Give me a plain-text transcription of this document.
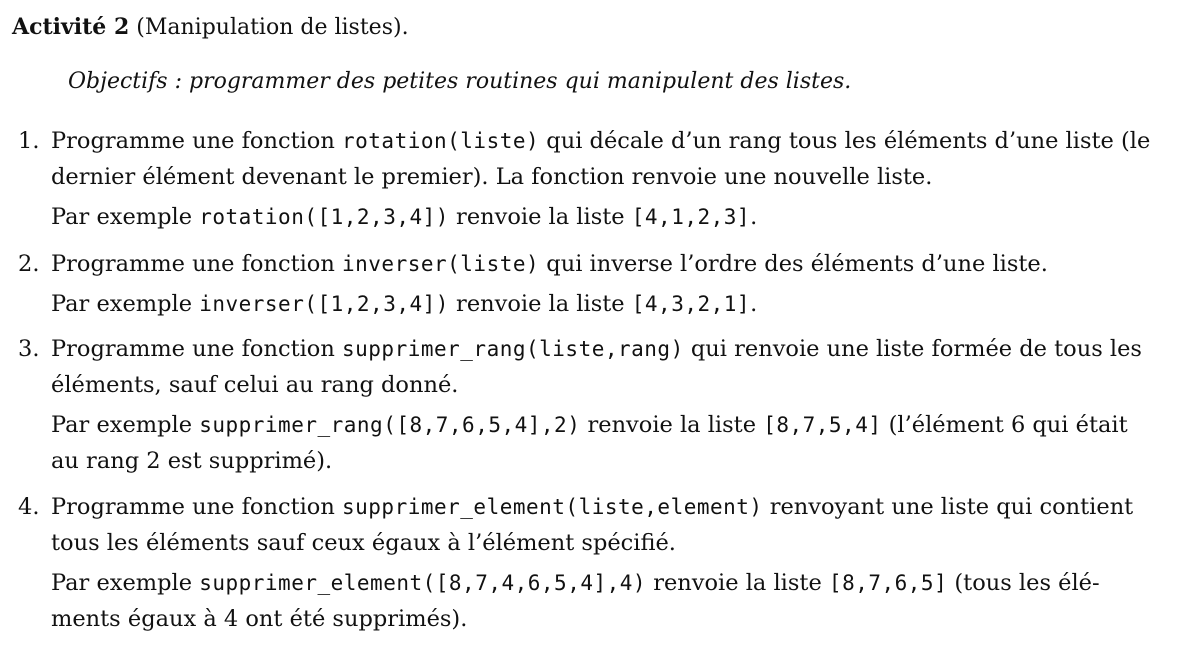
Activité 2 (Manipulation de listes).
Objectifs : programmer des petites routines qui manipulent des listes.
1. Programme une fonction rotation(liste) qui décale d’un rang tous les éléments d’une liste (le
dernier élément devenant le premier). La fonction renvoie une nouvelle liste.
Par exemple rotation([1,2,3,4]) renvoie la liste [4,1,2,3].
2. Programme une fonction inverser(liste) qui inverse l’ordre des éléments d’une liste.
Par exemple inverser([1,2,3,4]) renvoie la liste [4,3,2,1].
3. Programme une fonction supprimer_rang(liste,rang) qui renvoie une liste formée de tous les
éléments, sauf celui au rang donné.
Par exemple supprimer_rang([8,7,6,5,4],2) renvoie la liste [8,7,5,4] (l’élément 6 qui était
au rang 2 est supprimé).
4. Programme une fonction supprimer_element(liste,element) renvoyant une liste qui contient
tous les éléments sauf ceux égaux à l’élément spécifié.
Par exemple supprimer_element([8,7,4,6,5,4],4) renvoie la liste [8,7,6,5] (tous les élé-
ments égaux à 4 ont été supprimés).
